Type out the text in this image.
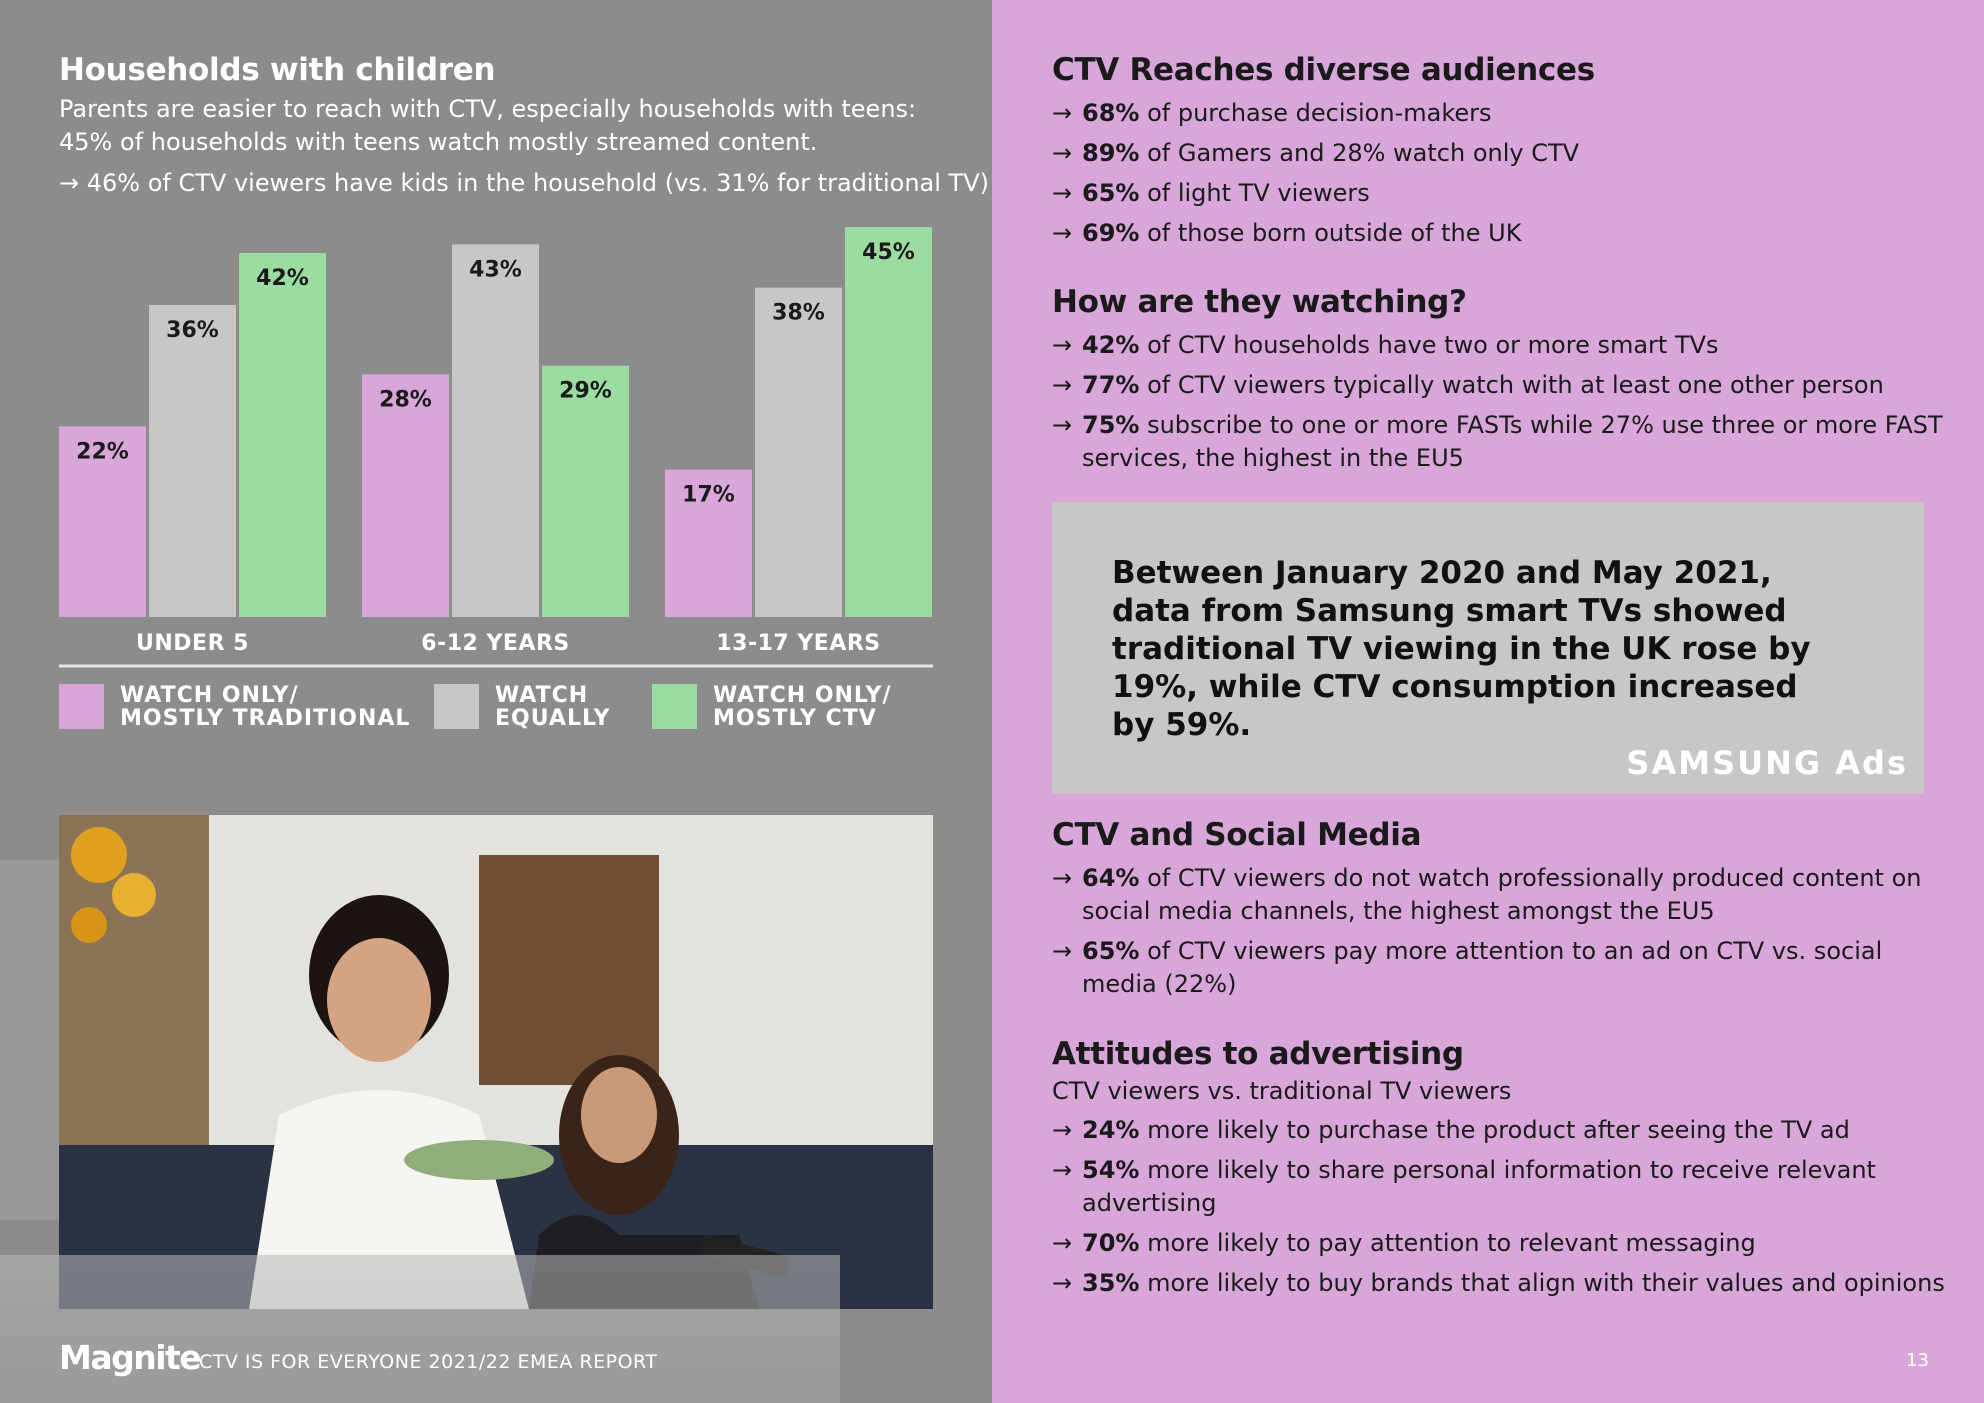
Households with children
Parents are easier to reach with CTV, especially households with teens: 45% of households with teens watch mostly streamed content.
→ 46% of CTV viewers have kids in the household (vs. 31% for traditional TV)
22%
36%
42%
UNDER 5
28%
43%
29%
6-12 YEARS
17%
38%
45%
13-17 YEARS
WATCH ONLY/
MOSTLY TRADITIONAL
WATCH
EQUALLY
WATCH ONLY/
MOSTLY CTV
Magnite
CTV IS FOR EVERYONE 2021/22 EMEA REPORT
CTV Reaches diverse audiences
→ 68% of purchase decision-makers
→ 89% of Gamers and 28% watch only CTV
→ 65% of light TV viewers
→ 69% of those born outside of the UK
How are they watching?
→ 42% of CTV households have two or more smart TVs
→ 77% of CTV viewers typically watch with at least one other person
→ 75% subscribe to one or more FASTs while 27% use three or more FAST services, the highest in the EU5
Between January 2020 and May 2021, data from Samsung smart TVs showed traditional TV viewing in the UK rose by 19%, while CTV consumption increased by 59%.
SAMSUNG Ads
CTV and Social Media
→ 64% of CTV viewers do not watch professionally produced content on social media channels, the highest amongst the EU5
→ 65% of CTV viewers pay more attention to an ad on CTV vs. social media (22%)
Attitudes to advertising
CTV viewers vs. traditional TV viewers
→ 24% more likely to purchase the product after seeing the TV ad
→ 54% more likely to share personal information to receive relevant advertising
→ 70% more likely to pay attention to relevant messaging
→ 35% more likely to buy brands that align with their values and opinions
13
